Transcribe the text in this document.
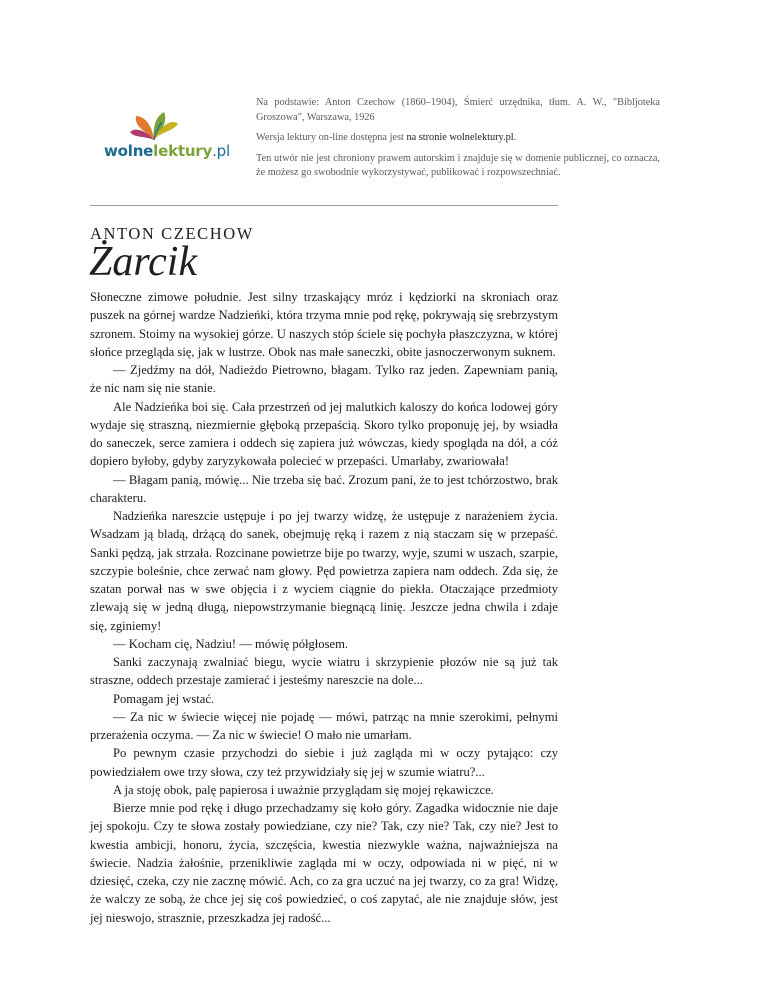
wolnelektury.pl

Na podstawie: Anton Czechow (1860–1904), Śmierć urzędnika, tłum. A. W., "Bibljoteka Groszowa", Warszawa, 1926

Wersja lektury on-line dostępna jest na stronie wolnelektury.pl.

Ten utwór nie jest chroniony prawem autorskim i znajduje się w domenie publicznej, co oznacza, że możesz go swobodnie wykorzystywać, publikować i rozpowszechniać.

ANTON CZECHOW
Żarcik

Słoneczne zimowe południe. Jest silny trzaskający mróz i kędziorki na skroniach oraz puszek na górnej wardze Nadzieńki, która trzyma mnie pod rękę, pokrywają się srebrzystym szronem. Stoimy na wysokiej górze. U naszych stóp ściele się pochyła płaszczyzna, w której słońce przegląda się, jak w lustrze. Obok nas małe saneczki, obite jasnoczerwonym suknem.

— Zjedźmy na dół, Nadieżdo Pietrowno, błagam. Tylko raz jeden. Zapewniam panią, że nic nam się nie stanie.

Ale Nadzieńka boi się. Cała przestrzeń od jej malutkich kaloszy do końca lodowej góry wydaje się straszną, niezmiernie głęboką przepaścią. Skoro tylko proponuję jej, by wsiadła do saneczek, serce zamiera i oddech się zapiera już wówczas, kiedy spogląda na dół, a cóż dopiero byłoby, gdyby zaryzykowała polecieć w przepaści. Umarłaby, zwariowała!

— Błagam panią, mówię... Nie trzeba się bać. Zrozum pani, że to jest tchórzostwo, brak charakteru.

Nadzieńka nareszcie ustępuje i po jej twarzy widzę, że ustępuje z narażeniem życia. Wsadzam ją bladą, drżącą do sanek, obejmuję ręką i razem z nią staczam się w przepaść. Sanki pędzą, jak strzała. Rozcinane powietrze bije po twarzy, wyje, szumi w uszach, szarpie, szczypie boleśnie, chce zerwać nam głowy. Pęd powietrza zapiera nam oddech. Zda się, że szatan porwał nas w swe objęcia i z wyciem ciągnie do piekła. Otaczające przedmioty zlewają się w jedną długą, niepowstrzymanie biegnącą linię. Jeszcze jedna chwila i zdaje się, zginiemy!

— Kocham cię, Nadziu! — mówię półgłosem.

Sanki zaczynają zwalniać biegu, wycie wiatru i skrzypienie płozów nie są już tak straszne, oddech przestaje zamierać i jesteśmy nareszcie na dole...

Pomagam jej wstać.

— Za nic w świecie więcej nie pojadę — mówi, patrząc na mnie szerokimi, pełnymi przerażenia oczyma. — Za nic w świecie! O mało nie umarłam.

Po pewnym czasie przychodzi do siebie i już zagląda mi w oczy pytająco: czy powiedziałem owe trzy słowa, czy też przywidziały się jej w szumie wiatru?...

A ja stoję obok, palę papierosa i uważnie przyglądam się mojej rękawiczce.

Bierze mnie pod rękę i długo przechadzamy się koło góry. Zagadka widocznie nie daje jej spokoju. Czy te słowa zostały powiedziane, czy nie? Tak, czy nie? Tak, czy nie? Jest to kwestia ambicji, honoru, życia, szczęścia, kwestia niezwykle ważna, najważniejsza na świecie. Nadzia żałośnie, przenikliwie zagląda mi w oczy, odpowiada ni w pięć, ni w dziesięć, czeka, czy nie zacznę mówić. Ach, co za gra uczuć na jej twarzy, co za gra! Widzę, że walczy ze sobą, że chce jej się coś powiedzieć, o coś zapytać, ale nie znajduje słów, jest jej nieswojo, strasznie, przeszkadza jej radość...
